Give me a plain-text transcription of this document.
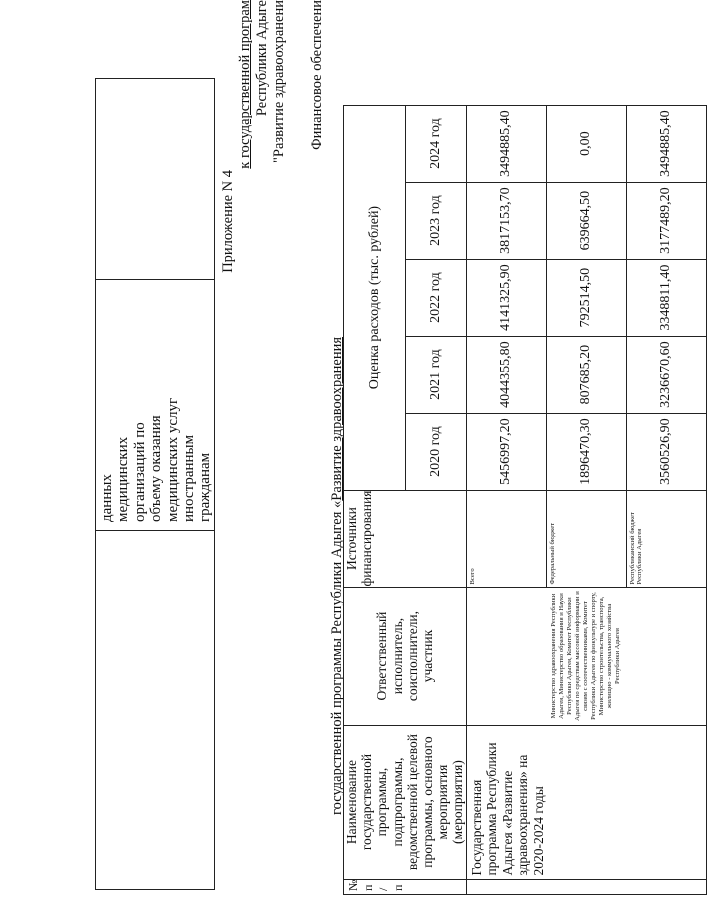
данных медицинских организаций по объему оказания медицинских услуг иностранным гражданам

Приложение N 4
к государственной програм Республики Адыге "Развитие здравоохранени Финансовое обеспечени
государственной программы Республики Адыгея «Развитие здравоохранения
№ п / п	Наименование государственной программы, подпрограммы, ведомственной целевой программы, основного мероприятия (мероприятия)	Ответственный исполнитель, соисполнители, участник	Источники финансирования	Оценка расходов (тыс. рублей)				
				2020 год	2021 год	2022 год	2023 год	2024 год
	Государственная программа Республики Адыгея «Развитие здравоохранения» на 2020-2024 годы	Министерство здравоохранения Республики Адыгея, Министерство образования и Науки Республики Адыгея, Комитет Республики Адыгея по средствам массовой информации и связям с соотечественниками, Комитет Республики Адыгея по физкультуре и спорту, Министерство строительства, транспорта, жилищно - коммунального хозяйства Республики Адыгея	Всего	5456997,20	4044355,80	4141325,90	3817153,70	3494885,40
			Федеральный бюджет	1896470,30	807685,20	792514,50	639664,50	0,00
			Республиканский бюджет Республики Адыгея	3560526,90	3236670,60	3348811,40	3177489,20	3494885,40
